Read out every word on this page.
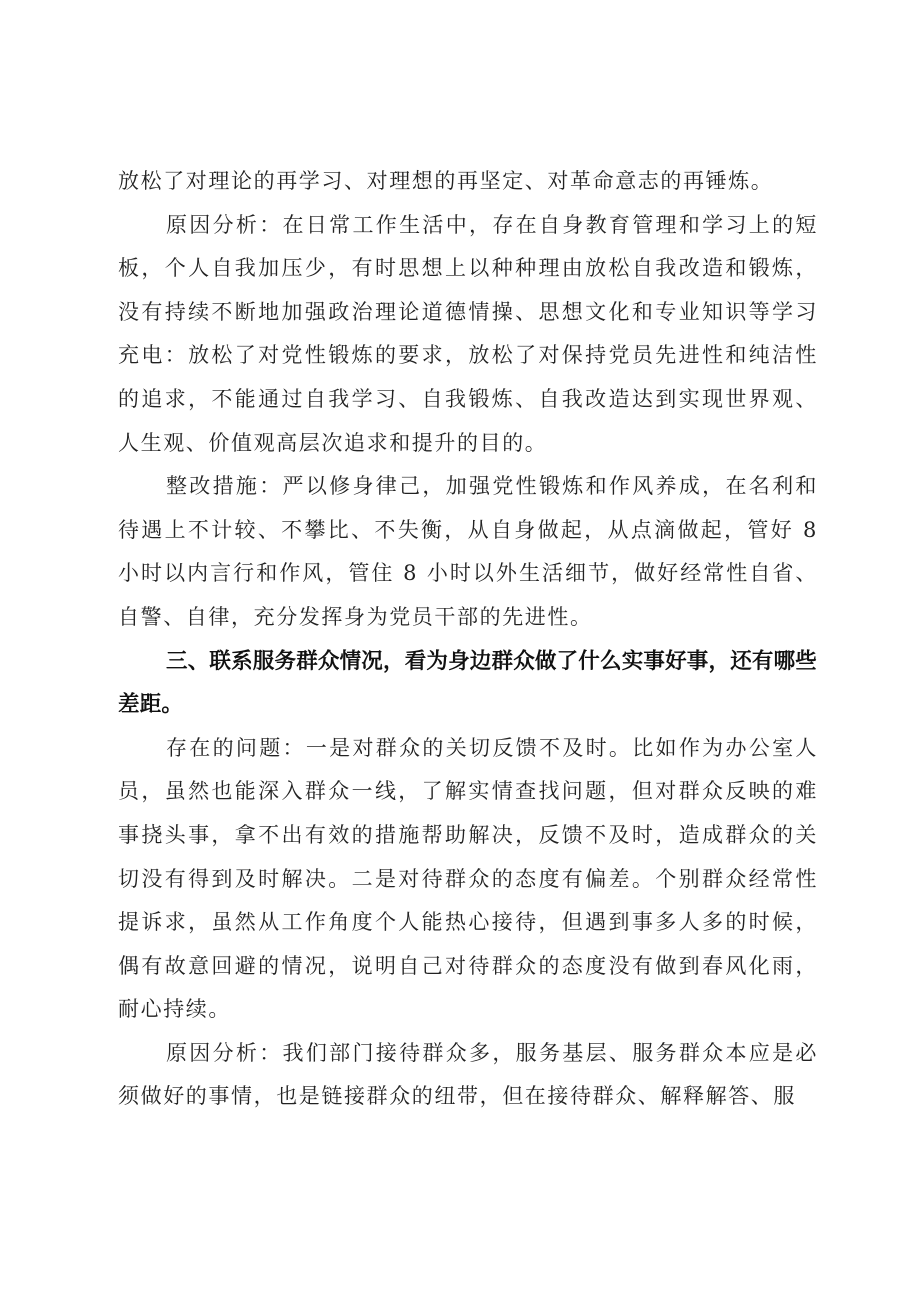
放松了对理论的再学习、对理想的再坚定、对革命意志的再锤炼。

原因分析：在日常工作生活中，存在自身教育管理和学习上的短板，个人自我加压少，有时思想上以种种理由放松自我改造和锻炼，没有持续不断地加强政治理论道德情操、思想文化和专业知识等学习充电：放松了对党性锻炼的要求，放松了对保持党员先进性和纯洁性的追求，不能通过自我学习、自我锻炼、自我改造达到实现世界观、人生观、价值观高层次追求和提升的目的。

整改措施：严以修身律己，加强党性锻炼和作风养成，在名利和待遇上不计较、不攀比、不失衡，从自身做起，从点滴做起，管好 8 小时以内言行和作风，管住 8 小时以外生活细节，做好经常性自省、自警、自律，充分发挥身为党员干部的先进性。

三、联系服务群众情况，看为身边群众做了什么实事好事，还有哪些差距。

存在的问题：一是对群众的关切反馈不及时。比如作为办公室人员，虽然也能深入群众一线，了解实情查找问题，但对群众反映的难事挠头事，拿不出有效的措施帮助解决，反馈不及时，造成群众的关切没有得到及时解决。二是对待群众的态度有偏差。个别群众经常性提诉求，虽然从工作角度个人能热心接待，但遇到事多人多的时候，偶有故意回避的情况，说明自己对待群众的态度没有做到春风化雨，耐心持续。

原因分析：我们部门接待群众多，服务基层、服务群众本应是必须做好的事情，也是链接群众的纽带，但在接待群众、解释解答、服
